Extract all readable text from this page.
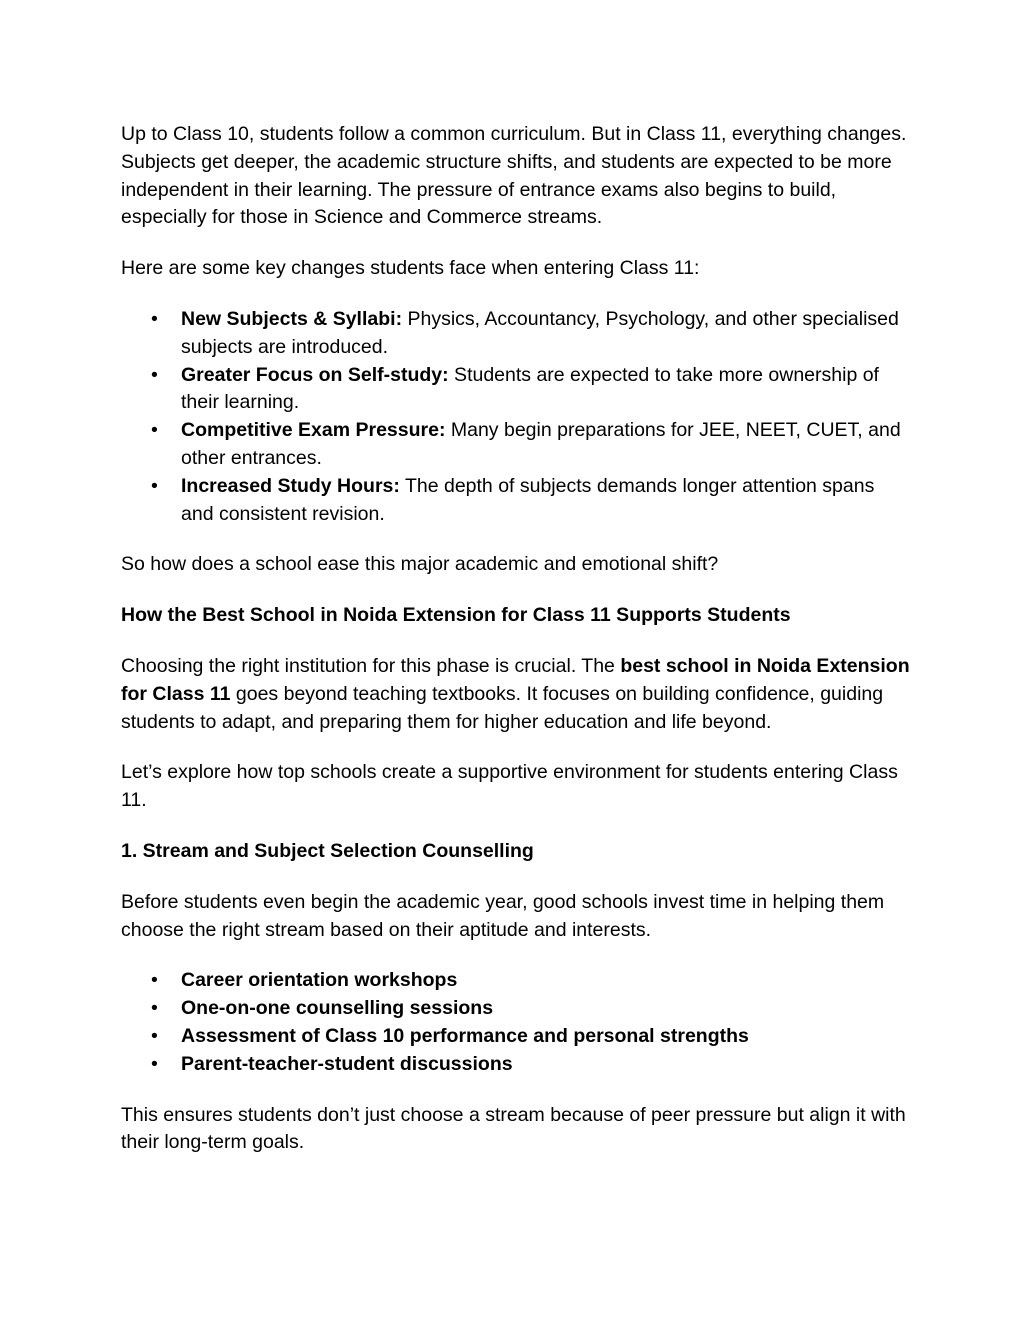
Up to Class 10, students follow a common curriculum. But in Class 11, everything changes. Subjects get deeper, the academic structure shifts, and students are expected to be more independent in their learning. The pressure of entrance exams also begins to build, especially for those in Science and Commerce streams.

Here are some key changes students face when entering Class 11:

• New Subjects & Syllabi: Physics, Accountancy, Psychology, and other specialised subjects are introduced.
• Greater Focus on Self-study: Students are expected to take more ownership of their learning.
• Competitive Exam Pressure: Many begin preparations for JEE, NEET, CUET, and other entrances.
• Increased Study Hours: The depth of subjects demands longer attention spans and consistent revision.

So how does a school ease this major academic and emotional shift?

How the Best School in Noida Extension for Class 11 Supports Students

Choosing the right institution for this phase is crucial. The best school in Noida Extension for Class 11 goes beyond teaching textbooks. It focuses on building confidence, guiding students to adapt, and preparing them for higher education and life beyond.

Let’s explore how top schools create a supportive environment for students entering Class 11.

1. Stream and Subject Selection Counselling

Before students even begin the academic year, good schools invest time in helping them choose the right stream based on their aptitude and interests.

• Career orientation workshops
• One-on-one counselling sessions
• Assessment of Class 10 performance and personal strengths
• Parent-teacher-student discussions

This ensures students don’t just choose a stream because of peer pressure but align it with their long-term goals.
